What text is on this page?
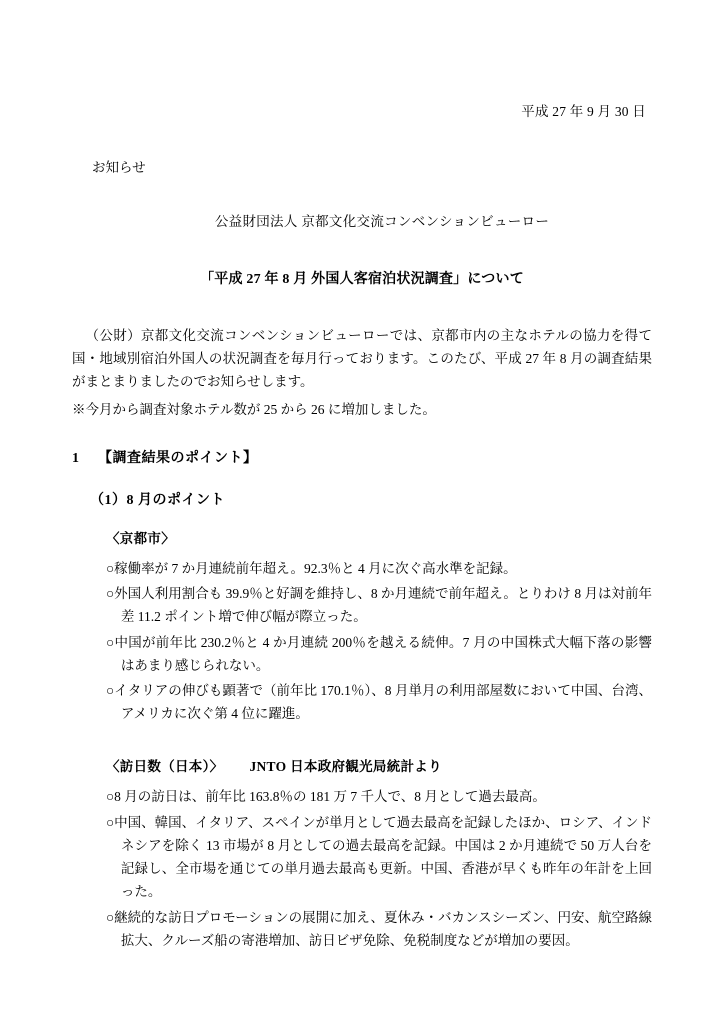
平成 27 年 9 月 30 日
お知らせ
公益財団法人 京都文化交流コンベンションビューロー
「平成 27 年 8 月 外国人客宿泊状況調査」について

（公財）京都文化交流コンベンションビューローでは、京都市内の主なホテルの協力を得て国・地域別宿泊外国人の状況調査を毎月行っております。このたび、平成 27 年 8 月の調査結果がまとまりましたのでお知らせします。

※今月から調査対象ホテル数が 25 から 26 に増加しました。

1 【調査結果のポイント】
（1）8 月のポイント
〈京都市〉
○稼働率が 7 か月連続前年超え。92.3％と 4 月に次ぐ高水準を記録。
○外国人利用割合も 39.9％と好調を維持し、8 か月連続で前年超え。とりわけ 8 月は対前年差 11.2 ポイント増で伸び幅が際立った。
○中国が前年比 230.2％と 4 か月連続 200％を越える続伸。7 月の中国株式大幅下落の影響はあまり感じられない。
○イタリアの伸びも顕著で（前年比 170.1％）、8 月単月の利用部屋数において中国、台湾、アメリカに次ぐ第 4 位に躍進。
〈訪日数（日本）〉 JNTO 日本政府観光局統計より
○8 月の訪日は、前年比 163.8％の 181 万 7 千人で、8 月として過去最高。
○中国、韓国、イタリア、スペインが単月として過去最高を記録したほか、ロシア、インドネシアを除く 13 市場が 8 月としての過去最高を記録。中国は 2 か月連続で 50 万人台を記録し、全市場を通じての単月過去最高も更新。中国、香港が早くも昨年の年計を上回った。
○継続的な訪日プロモーションの展開に加え、夏休み・バカンスシーズン、円安、航空路線拡大、クルーズ船の寄港増加、訪日ビザ免除、免税制度などが増加の要因。
